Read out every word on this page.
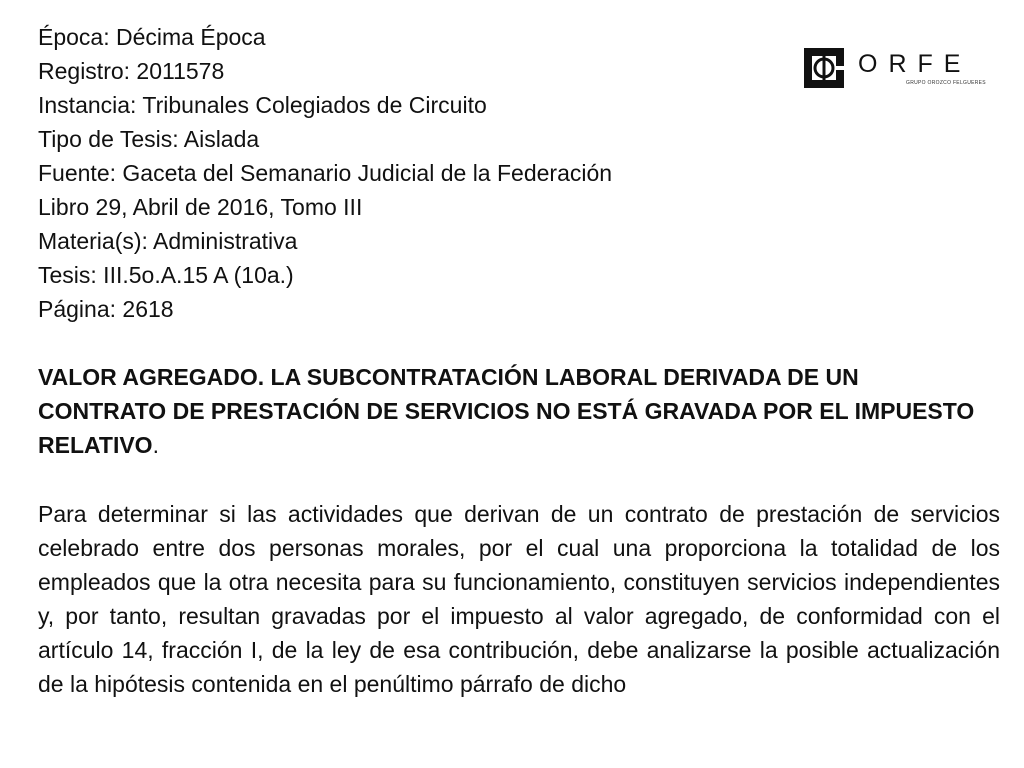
Época: Décima Época
Registro: 2011578
Instancia: Tribunales Colegiados de Circuito
Tipo de Tesis: Aislada
Fuente: Gaceta del Semanario Judicial de la Federación
Libro 29, Abril de 2016, Tomo III
Materia(s): Administrativa
Tesis: III.5o.A.15 A (10a.)
Página: 2618
ORFE
GRUPO OROZCO FELGUERES
VALOR AGREGADO. LA SUBCONTRATACIÓN LABORAL DERIVADA DE UN CONTRATO DE PRESTACIÓN DE SERVICIOS NO ESTÁ GRAVADA POR EL IMPUESTO RELATIVO.
Para determinar si las actividades que derivan de un contrato de prestación de servicios celebrado entre dos personas morales, por el cual una proporciona la totalidad de los empleados que la otra necesita para su funcionamiento, constituyen servicios independientes y, por tanto, resultan gravadas por el impuesto al valor agregado, de conformidad con el artículo 14, fracción I, de la ley de esa contribución, debe analizarse la posible actualización de la hipótesis contenida en el penúltimo párrafo de dicho
